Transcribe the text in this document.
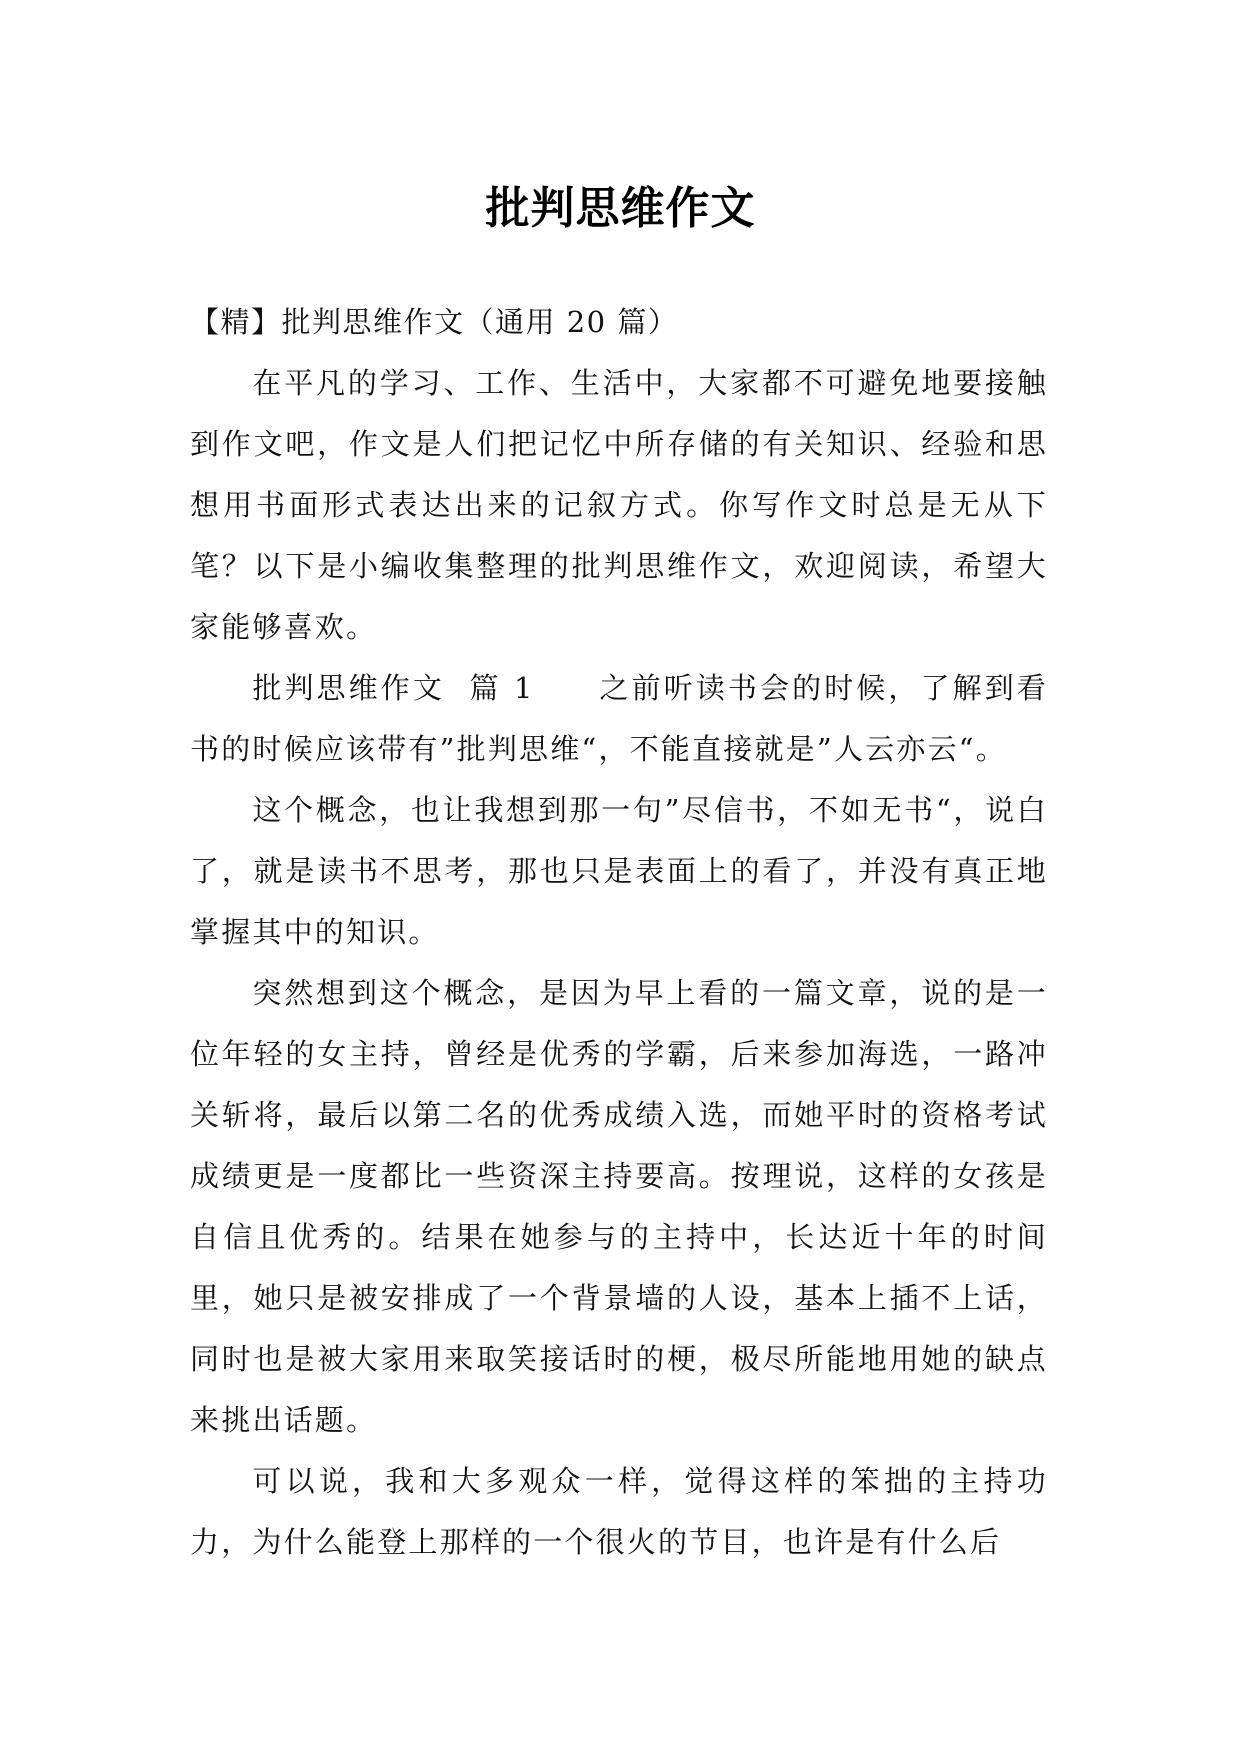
批判思维作文

【精】批判思维作文（通用 20 篇）

在平凡的学习、工作、生活中，大家都不可避免地要接触到作文吧，作文是人们把记忆中所存储的有关知识、经验和思想用书面形式表达出来的记叙方式。你写作文时总是无从下笔？以下是小编收集整理的批判思维作文，欢迎阅读，希望大家能够喜欢。

批判思维作文  篇 1 之前听读书会的时候，了解到看书的时候应该带有”批判思维“，不能直接就是”人云亦云“。

这个概念，也让我想到那一句”尽信书，不如无书“，说白了，就是读书不思考，那也只是表面上的看了，并没有真正地掌握其中的知识。

突然想到这个概念，是因为早上看的一篇文章，说的是一位年轻的女主持，曾经是优秀的学霸，后来参加海选，一路冲关斩将，最后以第二名的优秀成绩入选，而她平时的资格考试成绩更是一度都比一些资深主持要高。按理说，这样的女孩是自信且优秀的。结果在她参与的主持中，长达近十年的时间里，她只是被安排成了一个背景墙的人设，基本上插不上话，同时也是被大家用来取笑接话时的梗，极尽所能地用她的缺点来挑出话题。

可以说，我和大多观众一样，觉得这样的笨拙的主持功力，为什么能登上那样的一个很火的节目，也许是有什么后
